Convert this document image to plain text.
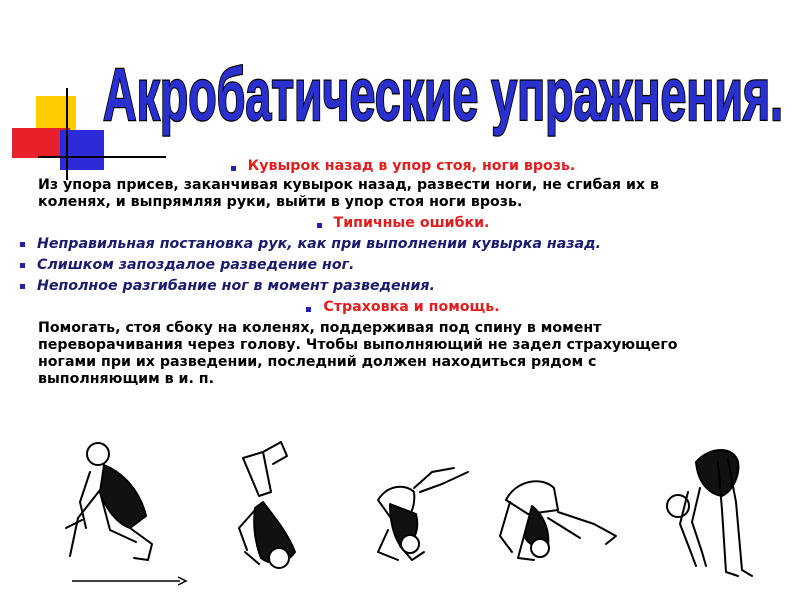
Акробатические упражнения.
Кувырок назад в упор стоя, ноги врозь.

Из упора присев, заканчивая кувырок назад, развести ноги, не сгибая их в
коленях, и выпрямляя руки, выйти в упор стоя ноги врозь.

Типичные ошибки.
Неправильная постановка рук, как при выполнении кувырка назад.
Слишком запоздалое разведение ног.
Неполное разгибание ног в момент разведения.
Страховка и помощь.

Помогать, стоя сбоку на коленях, поддерживая под спину в момент
переворачивания через голову. Чтобы выполняющий не задел страхующего
ногами при их разведении, последний должен находиться рядом с
выполняющим в и. п.
